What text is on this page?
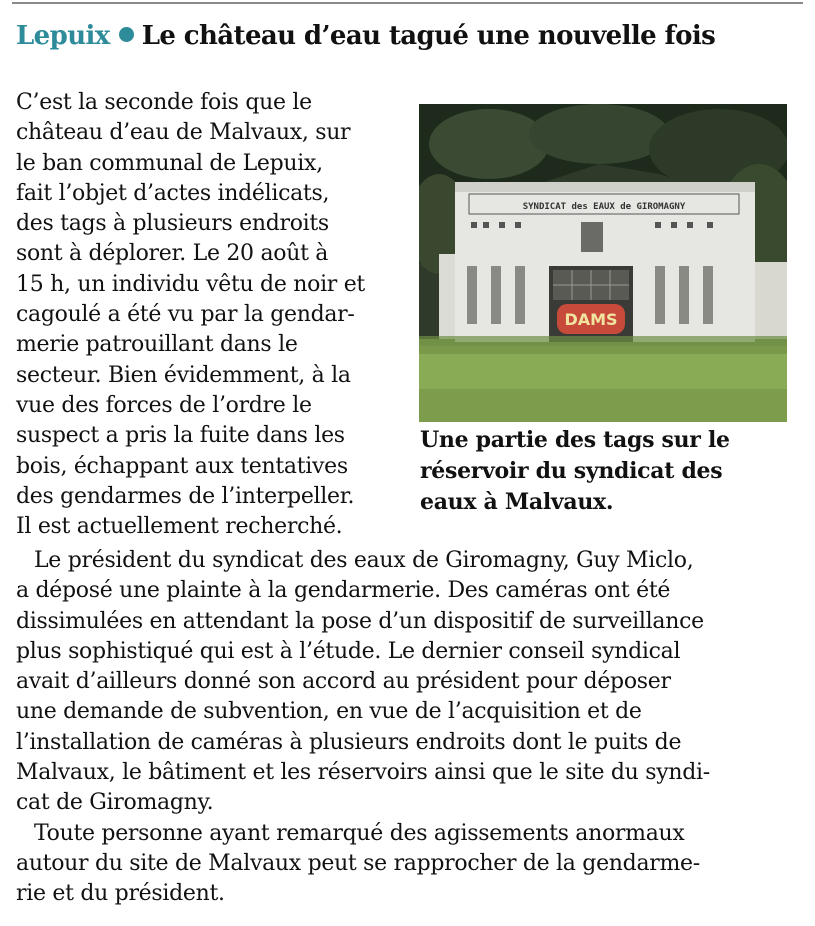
Lepuix Le château d’eau tagué une nouvelle fois
C’est la seconde fois que le
château d’eau de Malvaux, sur
le ban communal de Lepuix,
fait l’objet d’actes indélicats,
des tags à plusieurs endroits
sont à déplorer. Le 20 août à
15 h, un individu vêtu de noir et
cagoulé a été vu par la gendar-
merie patrouillant dans le
secteur. Bien évidemment, à la
vue des forces de l’ordre le
suspect a pris la fuite dans les
bois, échappant aux tentatives
des gendarmes de l’interpeller.
Il est actuellement recherché.
SYNDICAT des EAUX de GIROMAGNY
DAMS
Une partie des tags sur le
réservoir du syndicat des
eaux à Malvaux.
Le président du syndicat des eaux de Giromagny, Guy Miclo,
a déposé une plainte à la gendarmerie. Des caméras ont été
dissimulées en attendant la pose d’un dispositif de surveillance
plus sophistiqué qui est à l’étude. Le dernier conseil syndical
avait d’ailleurs donné son accord au président pour déposer
une demande de subvention, en vue de l’acquisition et de
l’installation de caméras à plusieurs endroits dont le puits de
Malvaux, le bâtiment et les réservoirs ainsi que le site du syndi-
cat de Giromagny.
Toute personne ayant remarqué des agissements anormaux
autour du site de Malvaux peut se rapprocher de la gendarme-
rie et du président.
